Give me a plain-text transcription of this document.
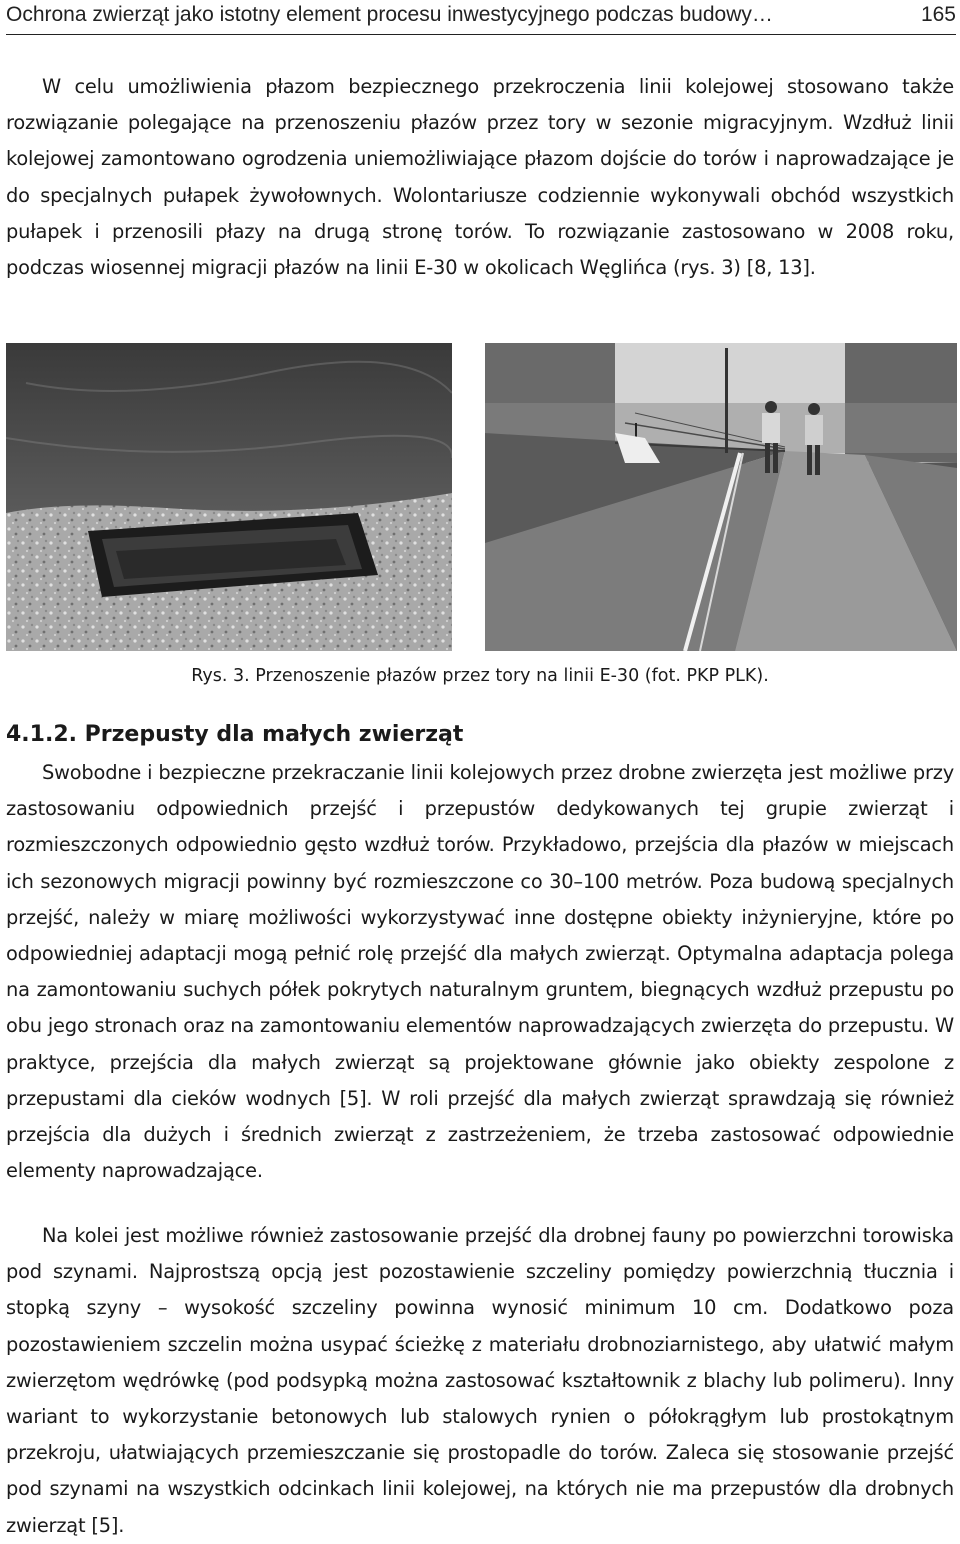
Ochrona zwierząt jako istotny element procesu inwestycyjnego podczas budowy…	165

W celu umożliwienia płazom bezpiecznego przekroczenia linii kolejowej stosowano także rozwiązanie polegające na przenoszeniu płazów przez tory w sezonie migracyjnym. Wzdłuż linii kolejowej zamontowano ogrodzenia uniemożliwiające płazom dojście do torów i naprowadzające je do specjalnych pułapek żywołownych. Wolontariusze codziennie wykonywali obchód wszystkich pułapek i przenosili płazy na drugą stronę torów. To rozwiązanie zastosowano w 2008 roku, podczas wiosennej migracji płazów na linii E-30 w okolicach Węglińca (rys. 3) [8, 13].

Rys. 3. Przenoszenie płazów przez tory na linii E-30 (fot. PKP PLK).
4.1.2. Przepusty dla małych zwierząt

Swobodne i bezpieczne przekraczanie linii kolejowych przez drobne zwierzęta jest możliwe przy zastosowaniu odpowiednich przejść i przepustów dedykowanych tej grupie zwierząt i rozmieszczonych odpowiednio gęsto wzdłuż torów. Przykładowo, przejścia dla płazów w miejscach ich sezonowych migracji powinny być rozmieszczone co 30–100 metrów. Poza budową specjalnych przejść, należy w miarę możliwości wykorzystywać inne dostępne obiekty inżynieryjne, które po odpowiedniej adaptacji mogą pełnić rolę przejść dla małych zwierząt. Optymalna adaptacja polega na zamontowaniu suchych półek pokrytych naturalnym gruntem, biegnących wzdłuż przepustu po obu jego stronach oraz na zamontowaniu elementów naprowadzających zwierzęta do przepustu. W praktyce, przejścia dla małych zwierząt są projektowane głównie jako obiekty zespolone z przepustami dla cieków wodnych [5]. W roli przejść dla małych zwierząt sprawdzają się również przejścia dla dużych i średnich zwierząt z zastrzeżeniem, że trzeba zastosować odpowiednie elementy naprowadzające.

Na kolei jest możliwe również zastosowanie przejść dla drobnej fauny po powierzchni torowiska pod szynami. Najprostszą opcją jest pozostawienie szczeliny pomiędzy powierzchnią tłucznia i stopką szyny – wysokość szczeliny powinna wynosić minimum 10 cm. Dodatkowo poza pozostawieniem szczelin można usypać ścieżkę z materiału drobnoziarnistego, aby ułatwić małym zwierzętom wędrówkę (pod podsypką można zastosować kształtownik z blachy lub polimeru). Inny wariant to wykorzystanie betonowych lub stalowych rynien o półokrągłym lub prostokątnym przekroju, ułatwiających przemieszczanie się prostopadle do torów. Zaleca się stosowanie przejść pod szynami na wszystkich odcinkach linii kolejowej, na których nie ma przepustów dla drobnych zwierząt [5].
